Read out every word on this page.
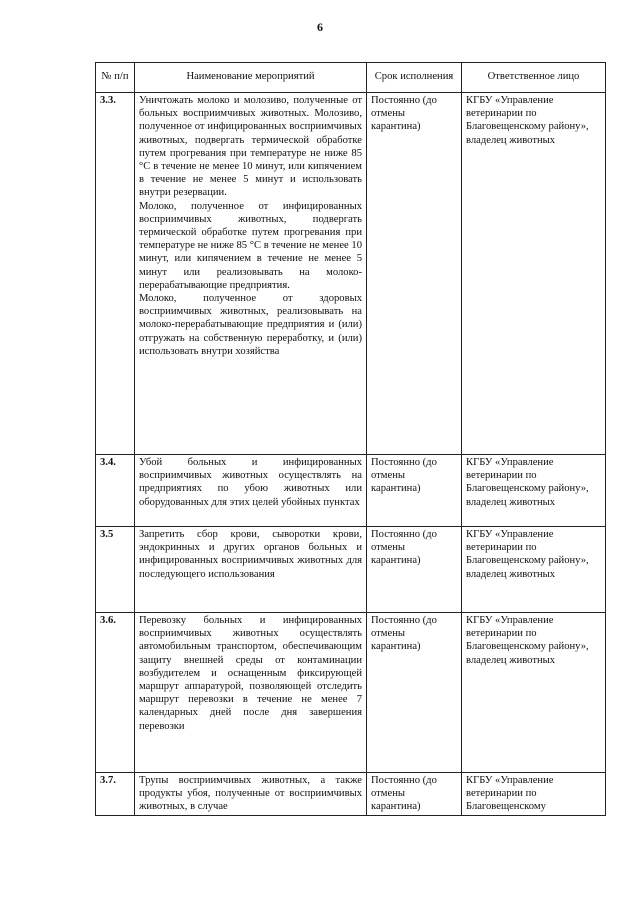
6
№ п/п	Наименование мероприятий	Срок исполнения	Ответственное лицо
3.3.	Уничтожать молоко и молозиво, полученные от больных восприимчивых животных. Молозиво, полученное от инфицированных восприимчивых животных, подвергать термической обработке путем прогревания при температуре не ниже 85 °С в течение не менее 10 минут, или кипячением в течение не менее 5 минут и использовать внутри резервации.

Молоко, полученное от инфицированных восприимчивых животных, подвергать термической обработке путем прогревания при температуре не ниже 85 °С в течение не менее 10 минут, или кипячением в течение не менее 5 минут или реализовывать на молоко-перерабатывающие предприятия.

Молоко, полученное от здоровых восприимчивых животных, реализовывать на молоко-перерабатывающие предприятия и (или) отгружать на собственную переработку, и (или) использовать внутри хозяйства	Постоянно (до отмены карантина)	КГБУ «Управление ветеринарии по Благовещенскому району», владелец животных
3.4.	Убой больных и инфицированных восприимчивых животных осуществлять на предприятиях по убою животных или оборудованных для этих целей убойных пунктах	Постоянно (до отмены карантина)	КГБУ «Управление ветеринарии по Благовещенскому району», владелец животных
3.5	Запретить сбор крови, сыворотки крови, эндокринных и других органов больных и инфицированных восприимчивых животных для последующего использования	Постоянно (до отмены карантина)	КГБУ «Управление ветеринарии по Благовещенскому району», владелец животных
3.6.	Перевозку больных и инфицированных восприимчивых животных осуществлять автомобильным транспортом, обеспечивающим защиту внешней среды от контаминации возбудителем и оснащенным фиксирующей маршрут аппаратурой, позволяющей отследить маршрут перевозки в течение не менее 7 календарных дней после дня завершения перевозки	Постоянно (до отмены карантина)	КГБУ «Управление ветеринарии по Благовещенскому району», владелец животных
3.7.	Трупы восприимчивых животных, а также продукты убоя, полученные от восприимчивых животных, в случае	Постоянно (до отмены карантина)	КГБУ «Управление ветеринарии по Благовещенскому
